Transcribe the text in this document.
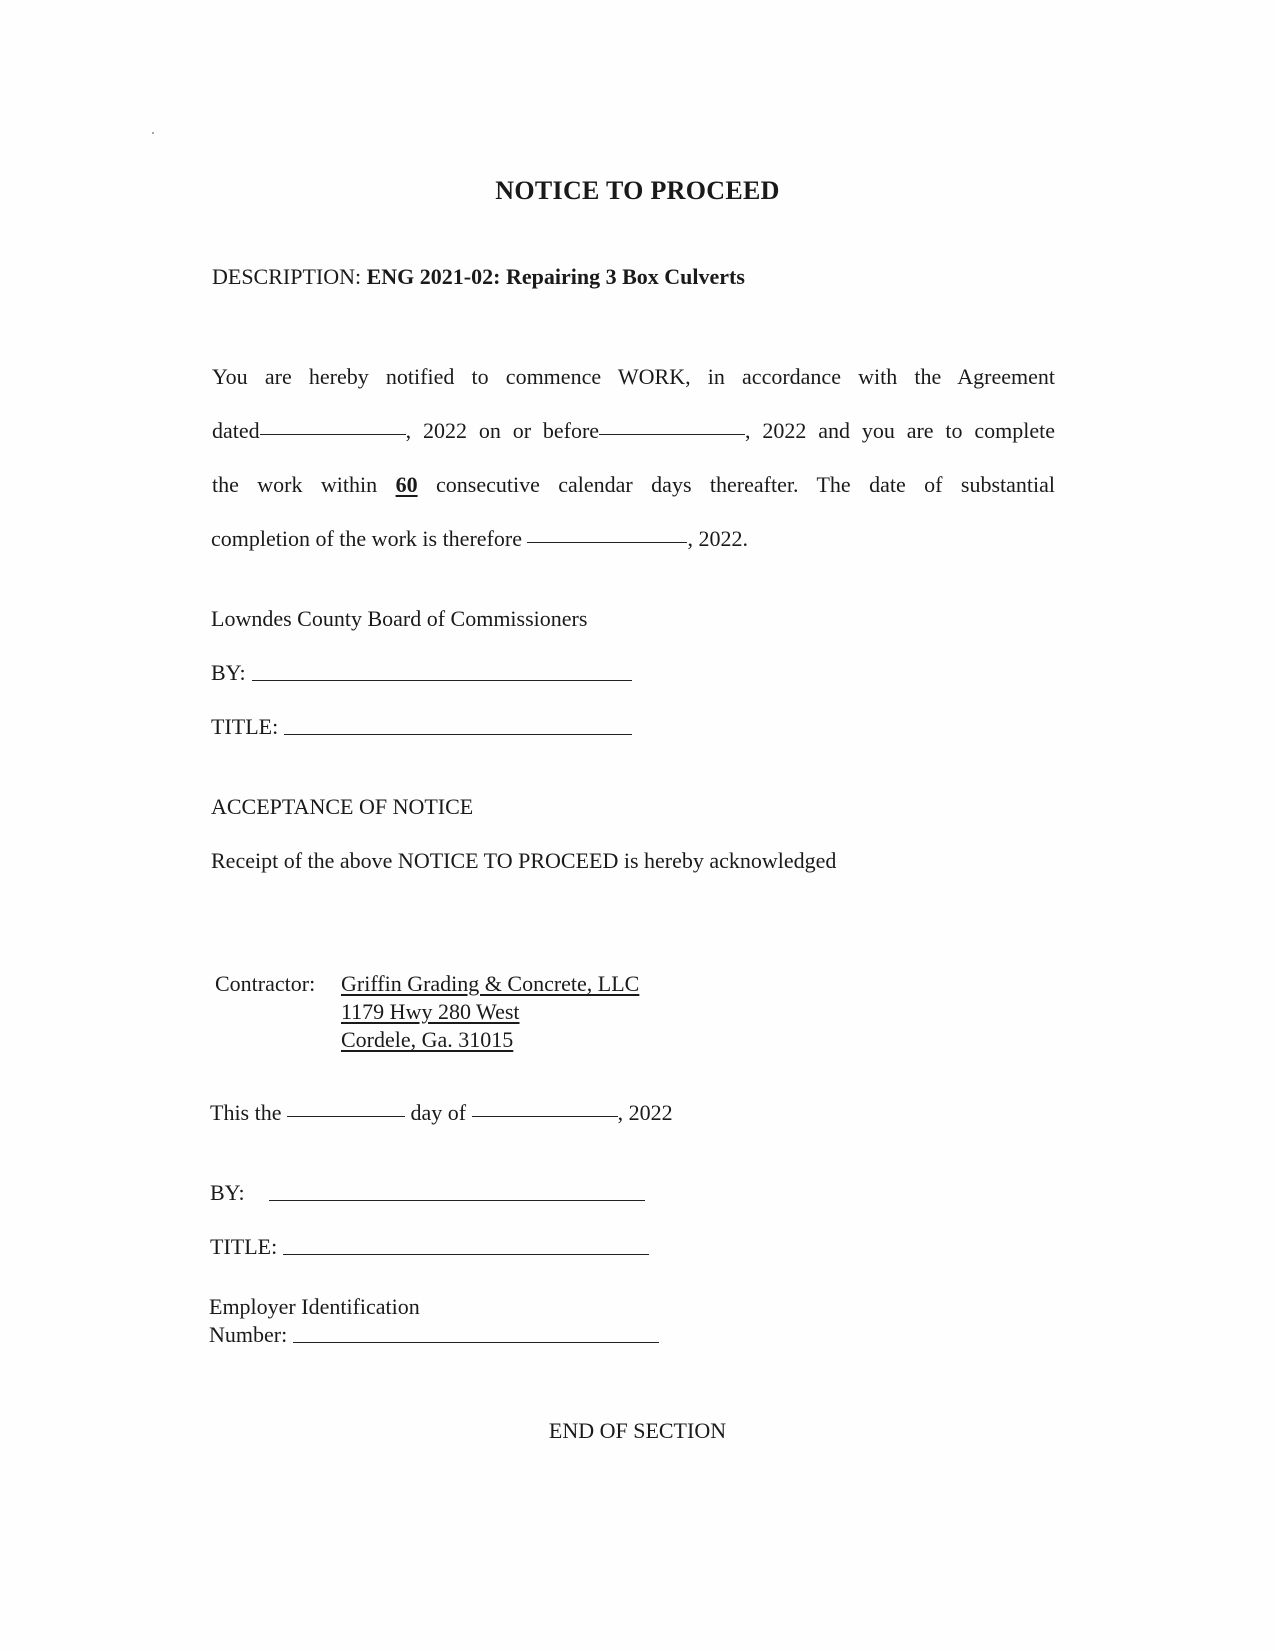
NOTICE TO PROCEED
DESCRIPTION: ENG 2021-02: Repairing 3 Box Culverts
You are hereby notified to commence WORK, in accordance with the Agreement
dated	, 2022 on or before	, 2022 and you are to complete
the work within 60 consecutive calendar days thereafter. The date of substantial
completion of the work is therefore	, 2022.
Lowndes County Board of Commissioners
BY:
TITLE:
ACCEPTANCE OF NOTICE
Receipt of the above NOTICE TO PROCEED is hereby acknowledged
Contractor: Griffin Grading & Concrete, LLC
1179 Hwy 280 West
Cordele, Ga. 31015
This the	day of	, 2022
BY:
TITLE:
Employer Identification
Number:
END OF SECTION
